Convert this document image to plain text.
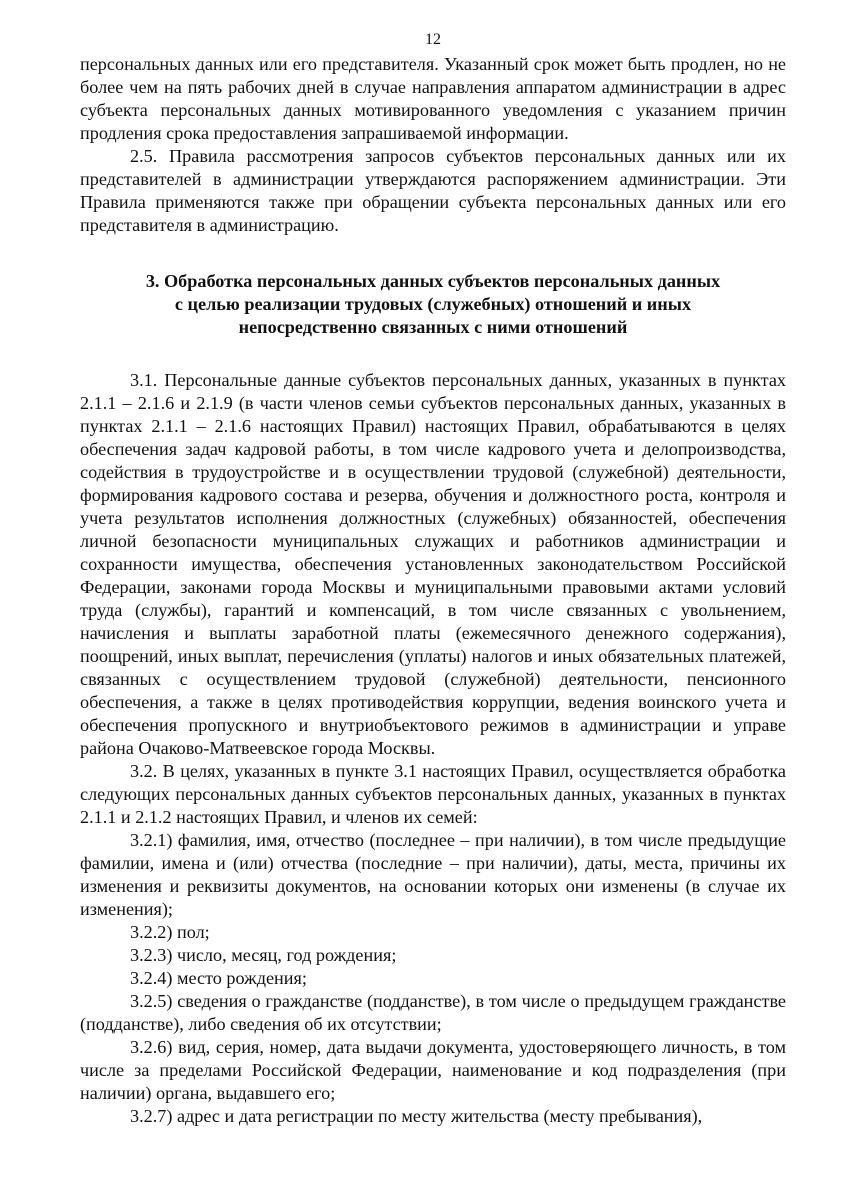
12

персональных данных или его представителя. Указанный срок может быть продлен, но не более чем на пять рабочих дней в случае направления аппаратом администрации в адрес субъекта персональных данных мотивированного уведомления с указанием причин продления срока предоставления запрашиваемой информации.

2.5. Правила рассмотрения запросов субъектов персональных данных или их представителей в администрации утверждаются распоряжением администрации. Эти Правила применяются также при обращении субъекта персональных данных или его представителя в администрацию.

3. Обработка персональных данных субъектов персональных данных
с целью реализации трудовых (служебных) отношений и иных
непосредственно связанных с ними отношений

3.1. Персональные данные субъектов персональных данных, указанных в пунктах 2.1.1 – 2.1.6 и 2.1.9 (в части членов семьи субъектов персональных данных, указанных в пунктах 2.1.1 – 2.1.6 настоящих Правил) настоящих Правил, обрабатываются в целях обеспечения задач кадровой работы, в том числе кадрового учета и делопроизводства, содействия в трудоустройстве и в осуществлении трудовой (служебной) деятельности, формирования кадрового состава и резерва, обучения и должностного роста, контроля и учета результатов исполнения должностных (служебных) обязанностей, обеспечения личной безопасности муниципальных служащих и работников администрации и сохранности имущества, обеспечения установленных законодательством Российской Федерации, законами города Москвы и муниципальными правовыми актами условий труда (службы), гарантий и компенсаций, в том числе связанных с увольнением, начисления и выплаты заработной платы (ежемесячного денежного содержания), поощрений, иных выплат, перечисления (уплаты) налогов и иных обязательных платежей, связанных с осуществлением трудовой (служебной) деятельности, пенсионного обеспечения, а также в целях противодействия коррупции, ведения воинского учета и обеспечения пропускного и внутриобъектового режимов в администрации и управе района Очаково-Матвеевское города Москвы.

3.2. В целях, указанных в пункте 3.1 настоящих Правил, осуществляется обработка следующих персональных данных субъектов персональных данных, указанных в пунктах 2.1.1 и 2.1.2 настоящих Правил, и членов их семей:

3.2.1) фамилия, имя, отчество (последнее – при наличии), в том числе предыдущие фамилии, имена и (или) отчества (последние – при наличии), даты, места, причины их изменения и реквизиты документов, на основании которых они изменены (в случае их изменения);

3.2.2) пол;

3.2.3) число, месяц, год рождения;

3.2.4) место рождения;

3.2.5) сведения о гражданстве (подданстве), в том числе о предыдущем гражданстве (подданстве), либо сведения об их отсутствии;

3.2.6) вид, серия, номер, дата выдачи документа, удостоверяющего личность, в том числе за пределами Российской Федерации, наименование и код подразделения (при наличии) органа, выдавшего его;

3.2.7) адрес и дата регистрации по месту жительства (месту пребывания),
